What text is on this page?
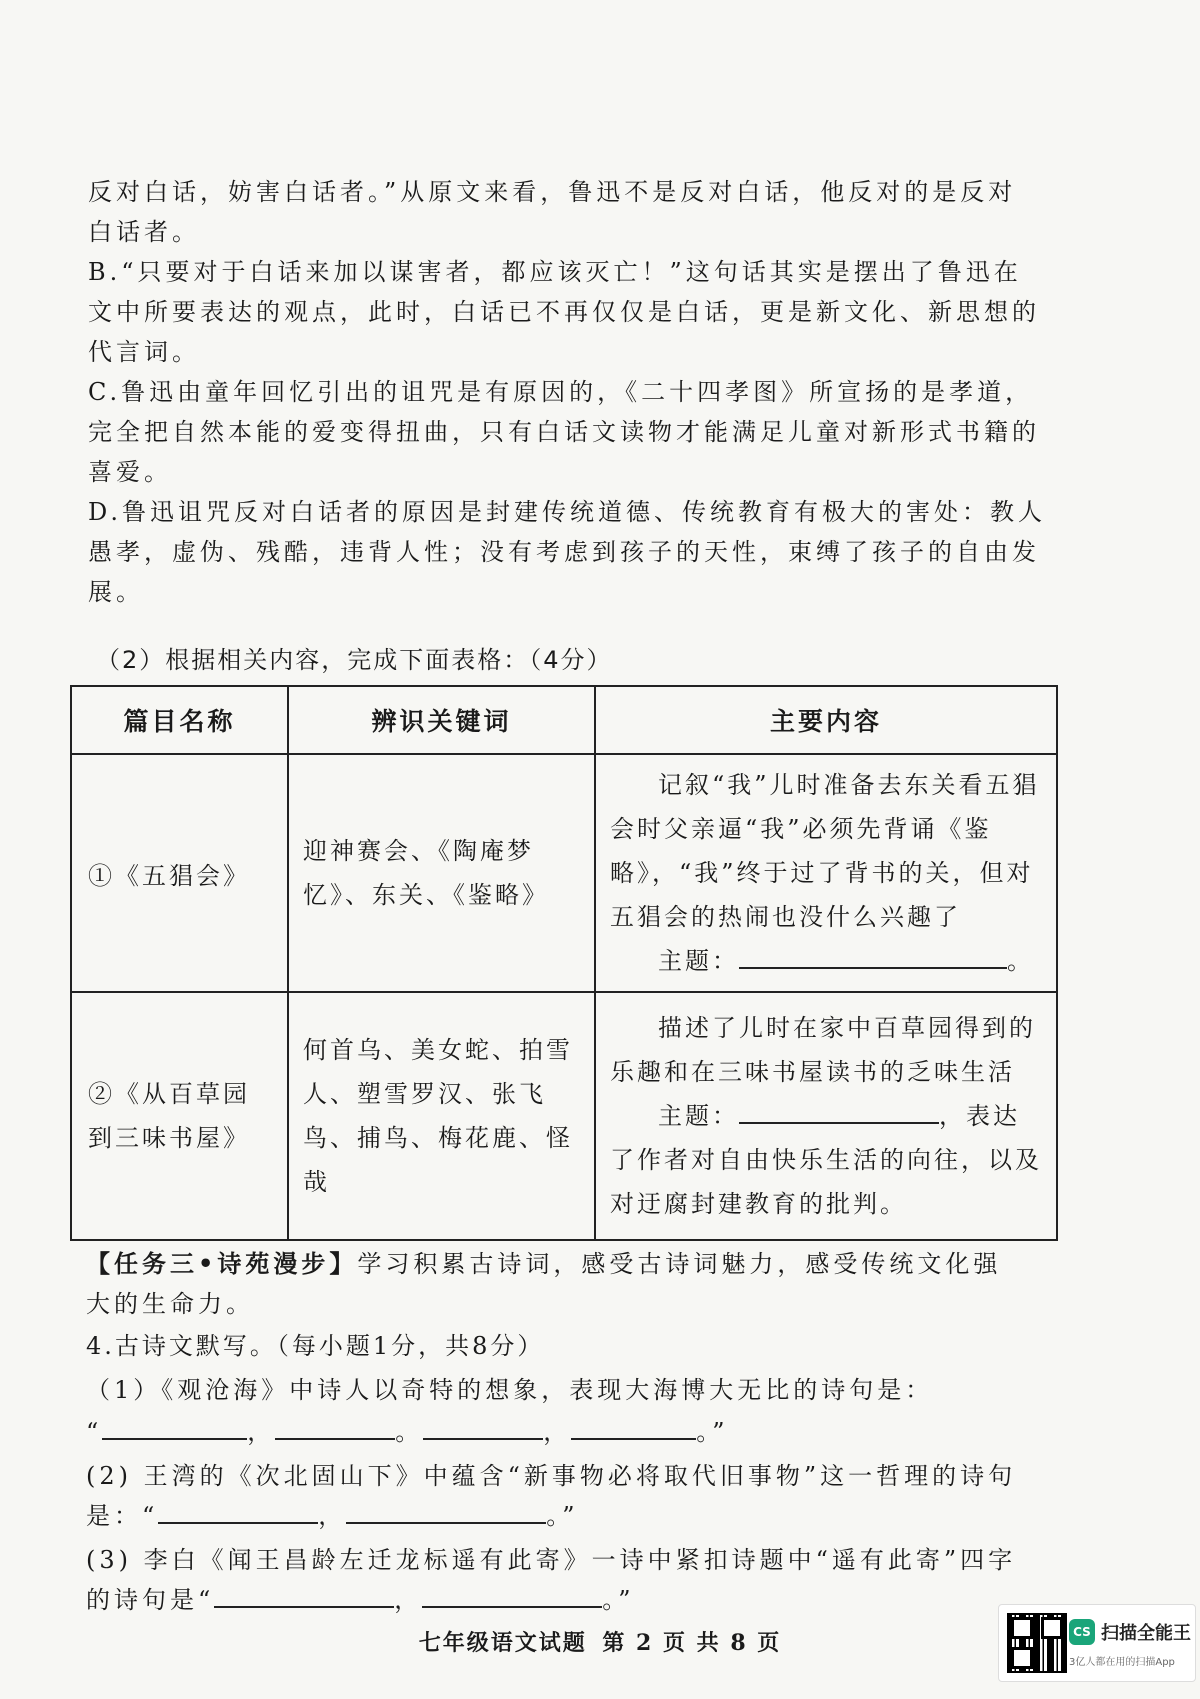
反对白话，妨害白话者。”从原文来看，鲁迅不是反对白话，他反对的是反对

白话者。

B.“只要对于白话来加以谋害者，都应该灭亡！”这句话其实是摆出了鲁迅在

文中所要表达的观点，此时，白话已不再仅仅是白话，更是新文化、新思想的

代言词。

C.鲁迅由童年回忆引出的诅咒是有原因的，《二十四孝图》所宣扬的是孝道，

完全把自然本能的爱变得扭曲，只有白话文读物才能满足儿童对新形式书籍的

喜爱。

D.鲁迅诅咒反对白话者的原因是封建传统道德、传统教育有极大的害处：教人

愚孝，虚伪、残酷，违背人性；没有考虑到孩子的天性，束缚了孩子的自由发

展。

（2）根据相关内容，完成下面表格：（4分）
篇目名称	辨识关键词	主要内容
①《五猖会》	迎神赛会、《陶庵梦忆》、东关、《鉴略》	记叙“我”儿时准备去东关看五猖会时父亲逼“我”必须先背诵《鉴略》，“我”终于过了背书的关，但对五猖会的热闹也没什么兴趣了
主题： 。

②《从百草园到三味书屋》	何首乌、美女蛇、拍雪人、塑雪罗汉、张飞鸟、捕鸟、梅花鹿、怪哉	描述了儿时在家中百草园得到的乐趣和在三味书屋读书的乏味生活
主题： ，表达了作者对自由快乐生活的向往，以及对迂腐封建教育的批判。
【任务三•诗苑漫步】学习积累古诗词，感受古诗词魅力，感受传统文化强
大的生命力。
4.古诗文默写。（每小题1分，共8分）
（1）《观沧海》中诗人以奇特的想象，表现大海博大无比的诗句是：
“	，	。	，	。”
(2) 王湾的《次北固山下》中蕴含“新事物必将取代旧事物”这一哲理的诗句
是：“	，	。”
(3) 李白《闻王昌龄左迁龙标遥有此寄》一诗中紧扣诗题中“遥有此寄”四字
的诗句是“	，	。”
七年级语文试题 第 2 页 共 8 页	CS 扫描全能王
3亿人都在用的扫描App
